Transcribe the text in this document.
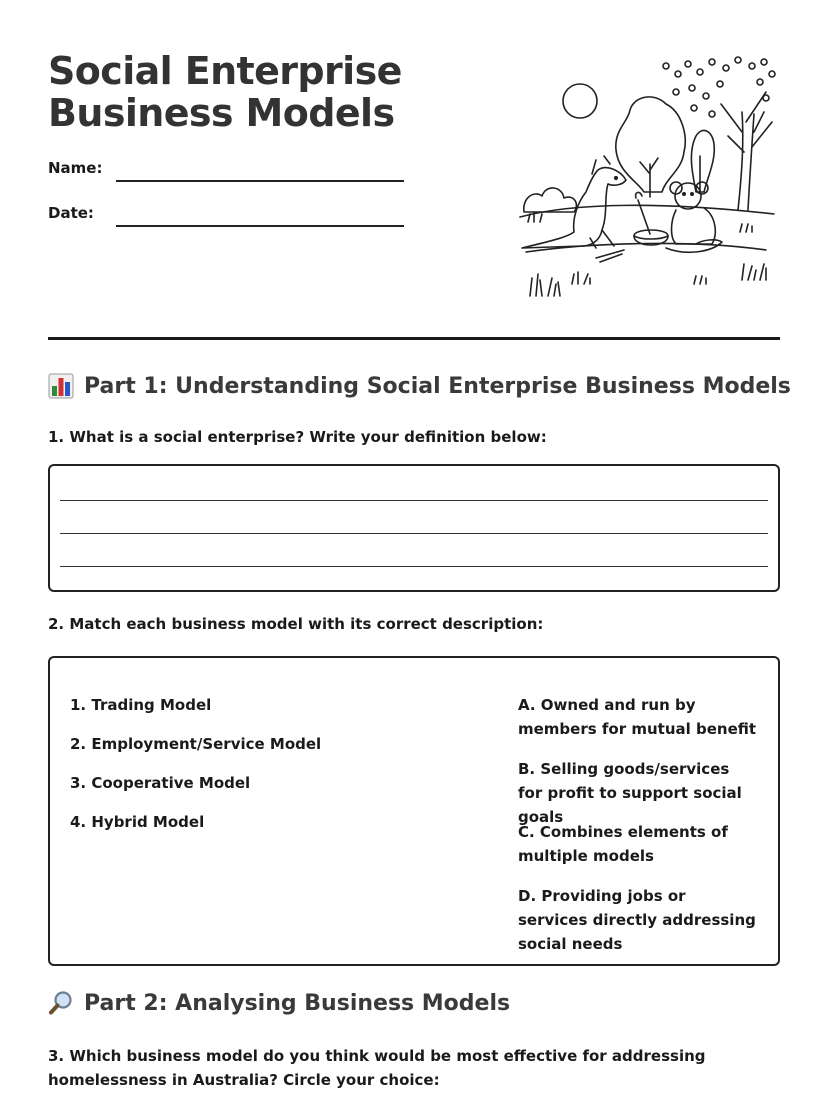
Social Enterprise
Business Models
Name:
Date:
Part 1: Understanding Social Enterprise Business Models
1. What is a social enterprise? Write your definition below:
2. Match each business model with its correct description:
1. Trading Model
2. Employment/Service Model
3. Cooperative Model
4. Hybrid Model
A. Owned and run by members for mutual benefit
B. Selling goods/services for profit to support social goals
C. Combines elements of multiple models
D. Providing jobs or services directly addressing social needs
Part 2: Analysing Business Models
3. Which business model do you think would be most effective for addressing homelessness in Australia? Circle your choice:
